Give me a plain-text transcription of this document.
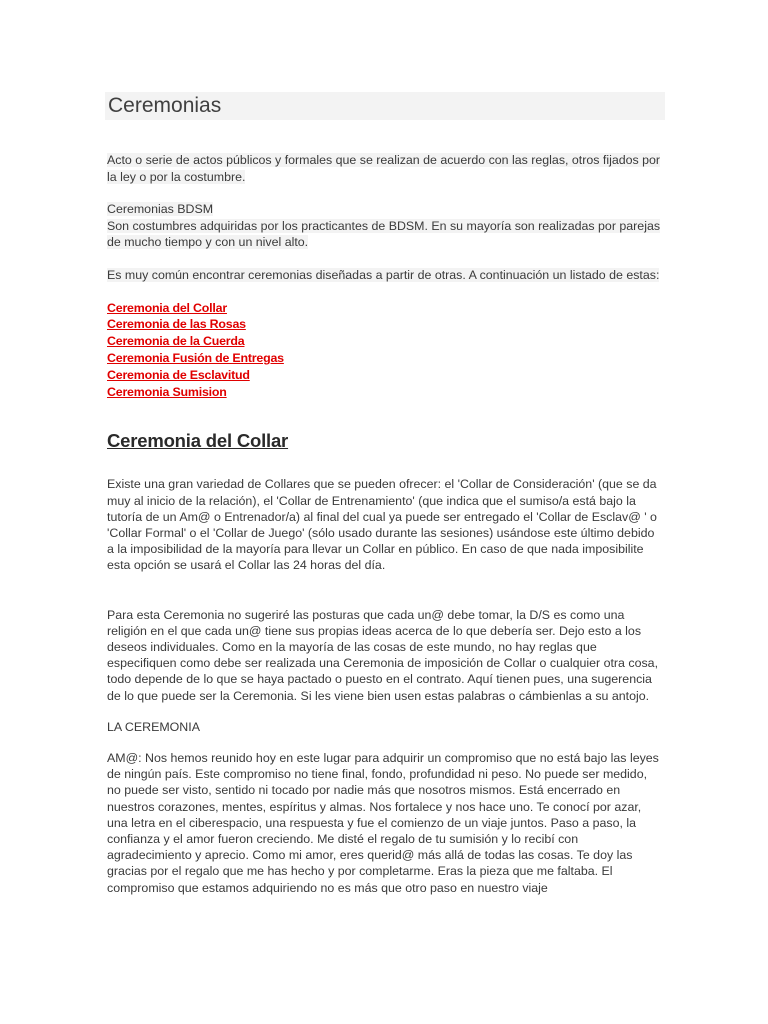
Ceremonias

Acto o serie de actos públicos y formales que se realizan de acuerdo con las reglas, otros fijados por la ley o por la costumbre.

Ceremonias BDSM
Son costumbres adquiridas por los practicantes de BDSM. En su mayoría son realizadas por parejas de mucho tiempo y con un nivel alto.

Es muy común encontrar ceremonias diseñadas a partir de otras. A continuación un listado de estas:

Ceremonia del Collar
Ceremonia de las Rosas
Ceremonia de la Cuerda
Ceremonia Fusión de Entregas
Ceremonia de Esclavitud
Ceremonia Sumision
Ceremonia del Collar

Existe una gran variedad de Collares que se pueden ofrecer: el 'Collar de Consideración' (que se da muy al inicio de la relación), el 'Collar de Entrenamiento' (que indica que el sumiso/a está bajo la tutoría de un Am@ o Entrenador/a) al final del cual ya puede ser entregado el 'Collar de Esclav@ ' o 'Collar Formal' o el 'Collar de Juego' (sólo usado durante las sesiones) usándose este último debido a la imposibilidad de la mayoría para llevar un Collar en público. En caso de que nada imposibilite esta opción se usará el Collar las 24 horas del día.

Para esta Ceremonia no sugeriré las posturas que cada un@ debe tomar, la D/S es como una religión en el que cada un@ tiene sus propias ideas acerca de lo que debería ser. Dejo esto a los deseos individuales. Como en la mayoría de las cosas de este mundo, no hay reglas que especifiquen como debe ser realizada una Ceremonia de imposición de Collar o cualquier otra cosa, todo depende de lo que se haya pactado o puesto en el contrato. Aquí tienen pues, una sugerencia de lo que puede ser la Ceremonia. Si les viene bien usen estas palabras o cámbienlas a su antojo.

LA CEREMONIA

AM@: Nos hemos reunido hoy en este lugar para adquirir un compromiso que no está bajo las leyes de ningún país. Este compromiso no tiene final, fondo, profundidad ni peso. No puede ser medido, no puede ser visto, sentido ni tocado por nadie más que nosotros mismos. Está encerrado en nuestros corazones, mentes, espíritus y almas. Nos fortalece y nos hace uno. Te conocí por azar, una letra en el ciberespacio, una respuesta y fue el comienzo de un viaje juntos. Paso a paso, la confianza y el amor fueron creciendo. Me disté el regalo de tu sumisión y lo recibí con agradecimiento y aprecio. Como mi amor, eres querid@ más allá de todas las cosas. Te doy las gracias por el regalo que me has hecho y por completarme. Eras la pieza que me faltaba. El compromiso que estamos adquiriendo no es más que otro paso en nuestro viaje
